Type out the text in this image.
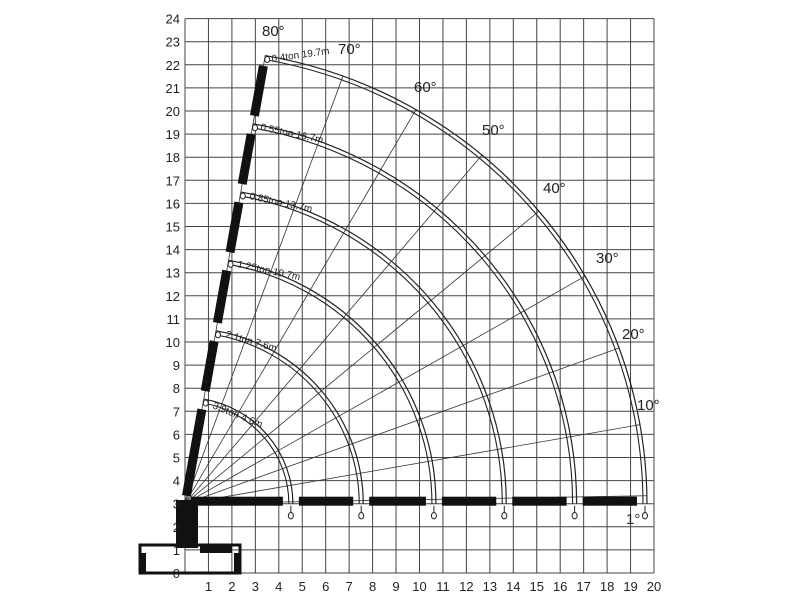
1 2 3 4 5 6 7 8 9 10 11 12 13 14 15 16 17 18 19 20
0
1
2
3
4
5
6
7
8
9
10
11
12
13
14
15
16
17
18
19
20
21
22
23
24
80°
70°
60°
50°
40°
30°
20°
10°
1°
0.4ton 19.7m
0.55ton 16.7m
0.85ton 13.7m
1.25ton 10.7m
2.1ton 7.6m
3.9ton 4.6m
